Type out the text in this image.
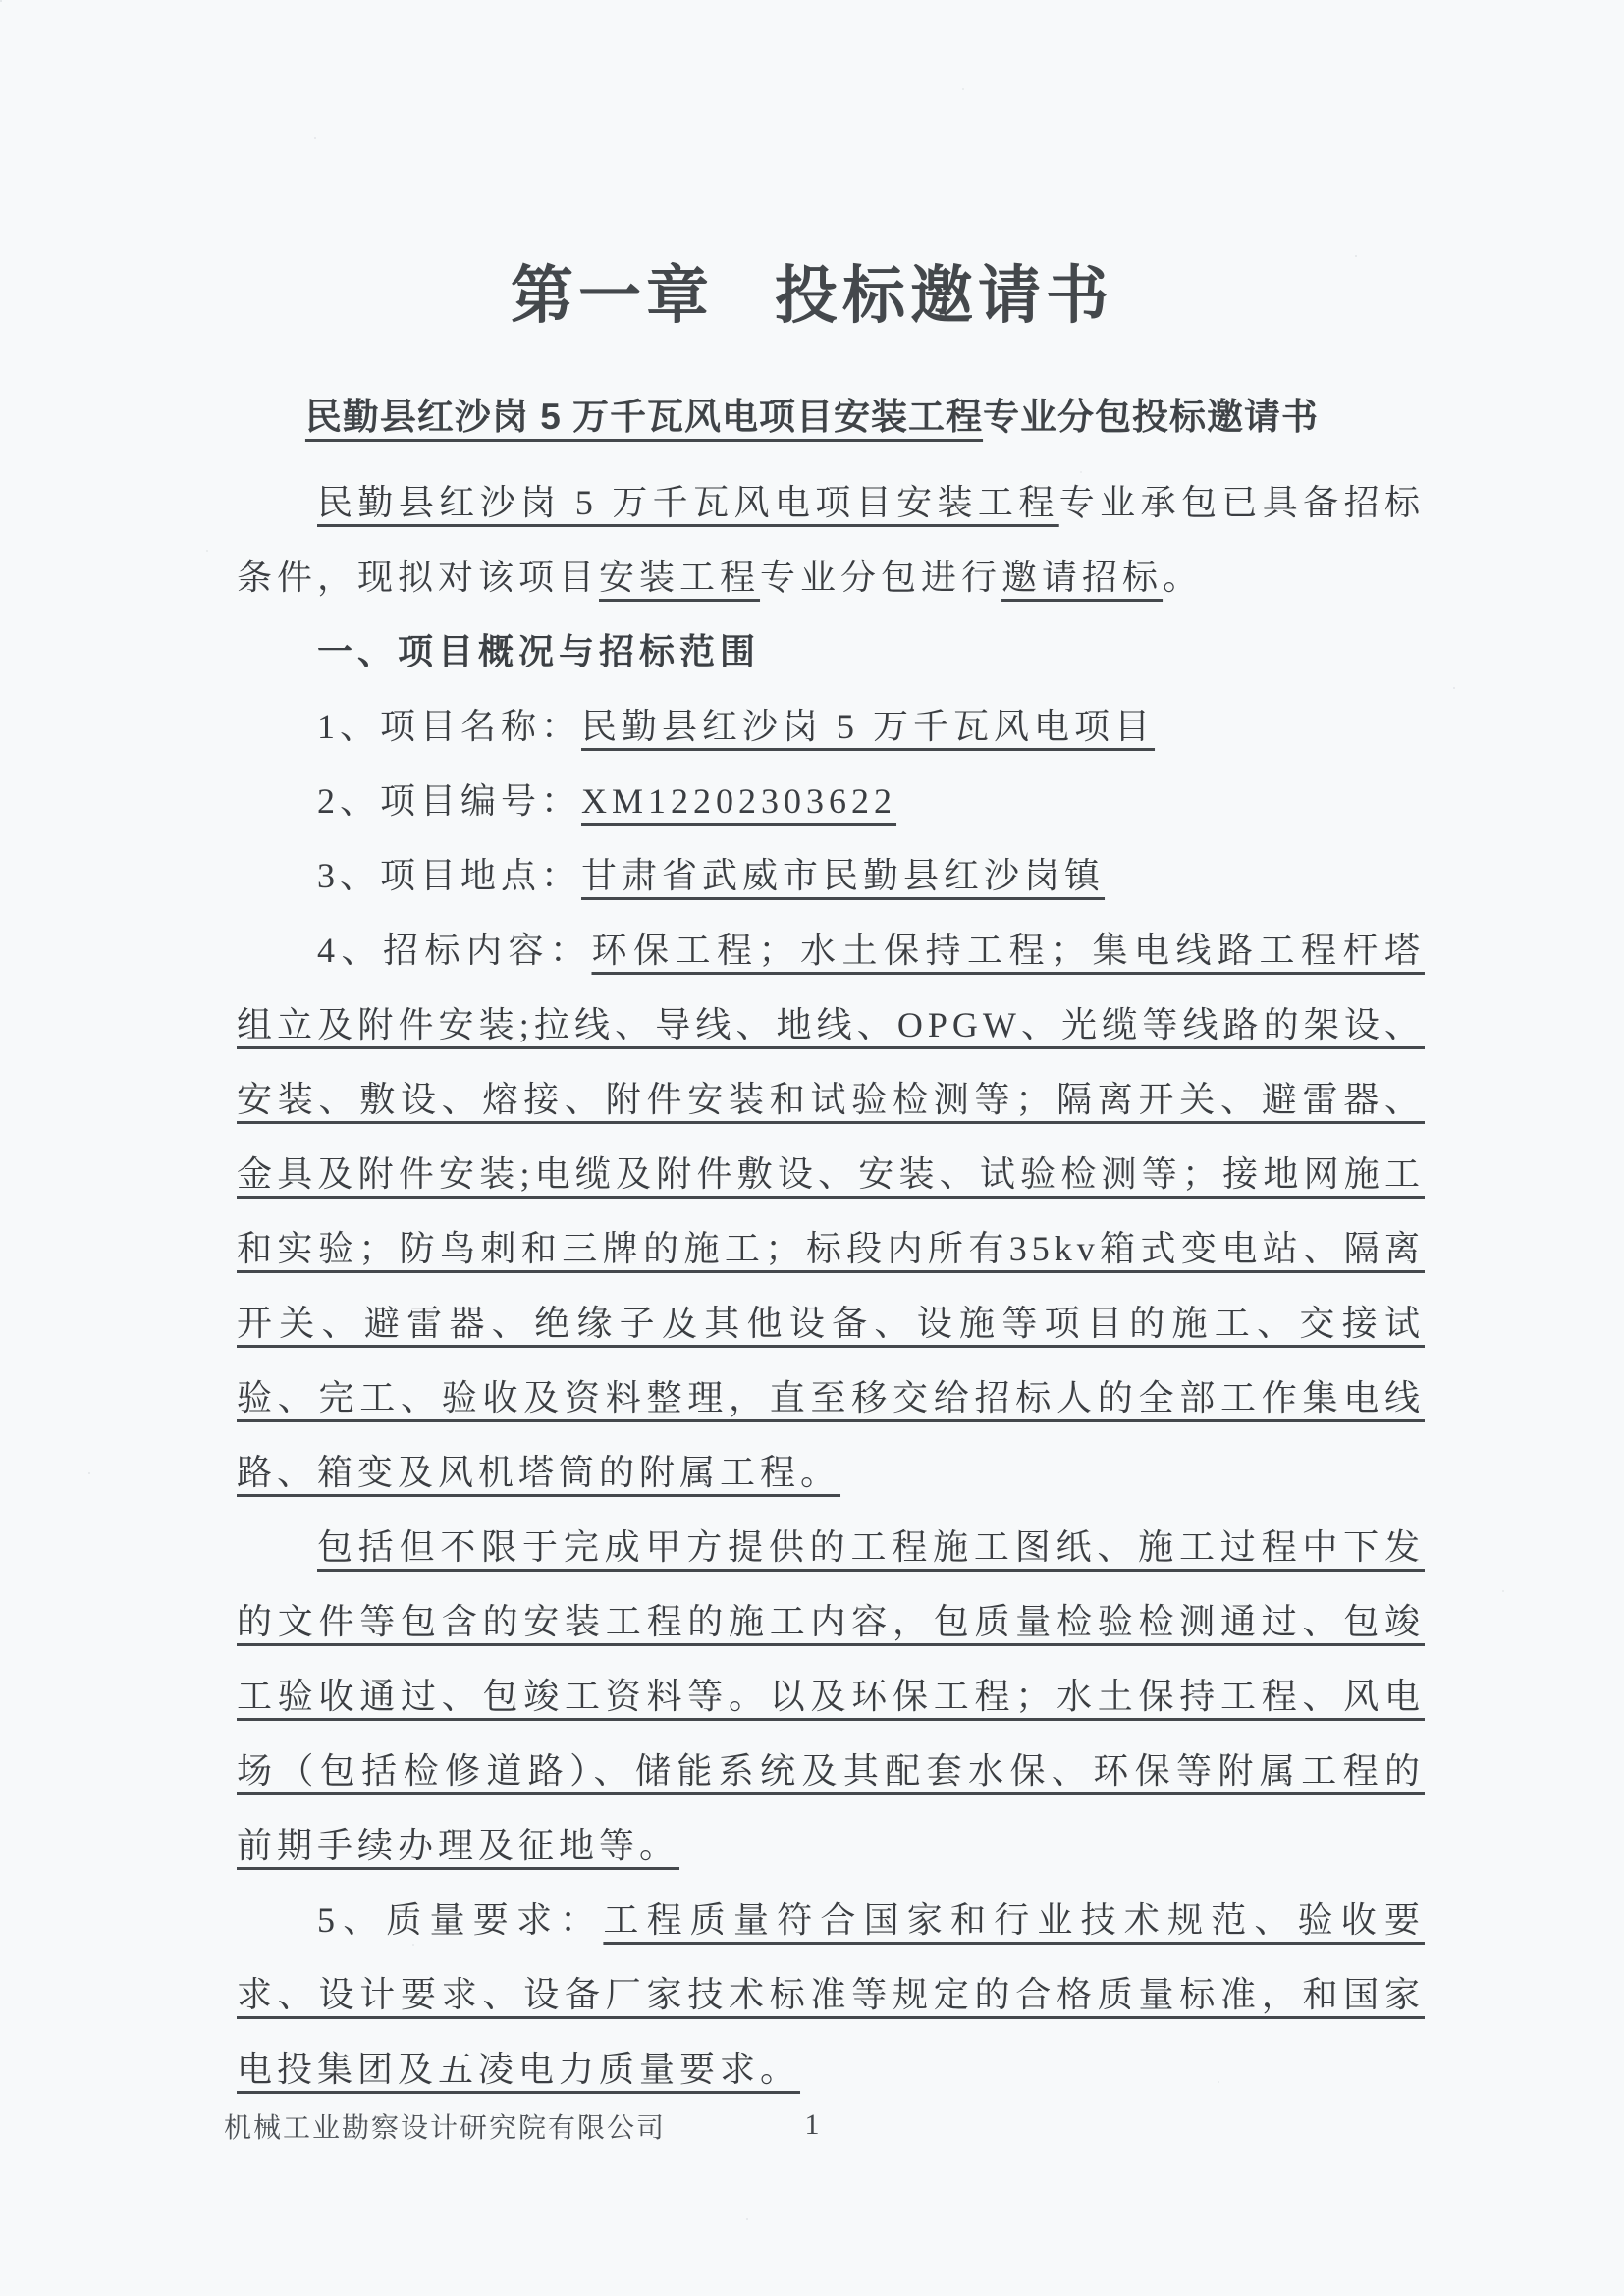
第一章 投标邀请书
民勤县红沙岗 5 万千瓦风电项目安装工程专业分包投标邀请书

民勤县红沙岗 5 万千瓦风电项目安装工程专业承包已具备招标条件，现拟对该项目安装工程专业分包进行邀请招标。

一、项目概况与招标范围

1、项目名称：民勤县红沙岗 5 万千瓦风电项目

2、项目编号：XM12202303622

3、项目地点：甘肃省武威市民勤县红沙岗镇

4、招标内容：环保工程；水土保持工程；集电线路工程杆塔组立及附件安装;拉线、导线、地线、OPGW、光缆等线路的架设、安装、敷设、熔接、附件安装和试验检测等；隔离开关、避雷器、金具及附件安装;电缆及附件敷设、安装、试验检测等；接地网施工和实验；防鸟刺和三牌的施工；标段内所有35kv箱式变电站、隔离开关、避雷器、绝缘子及其他设备、设施等项目的施工、交接试验、完工、验收及资料整理，直至移交给招标人的全部工作集电线路、箱变及风机塔筒的附属工程。

包括但不限于完成甲方提供的工程施工图纸、施工过程中下发的文件等包含的安装工程的施工内容，包质量检验检测通过、包竣工验收通过、包竣工资料等。以及环保工程；水土保持工程、风电场（包括检修道路）、储能系统及其配套水保、环保等附属工程的前期手续办理及征地等。

5、质量要求：工程质量符合国家和行业技术规范、验收要求、设计要求、设备厂家技术标准等规定的合格质量标准，和国家电投集团及五凌电力质量要求。

机械工业勘察设计研究院有限公司	1
